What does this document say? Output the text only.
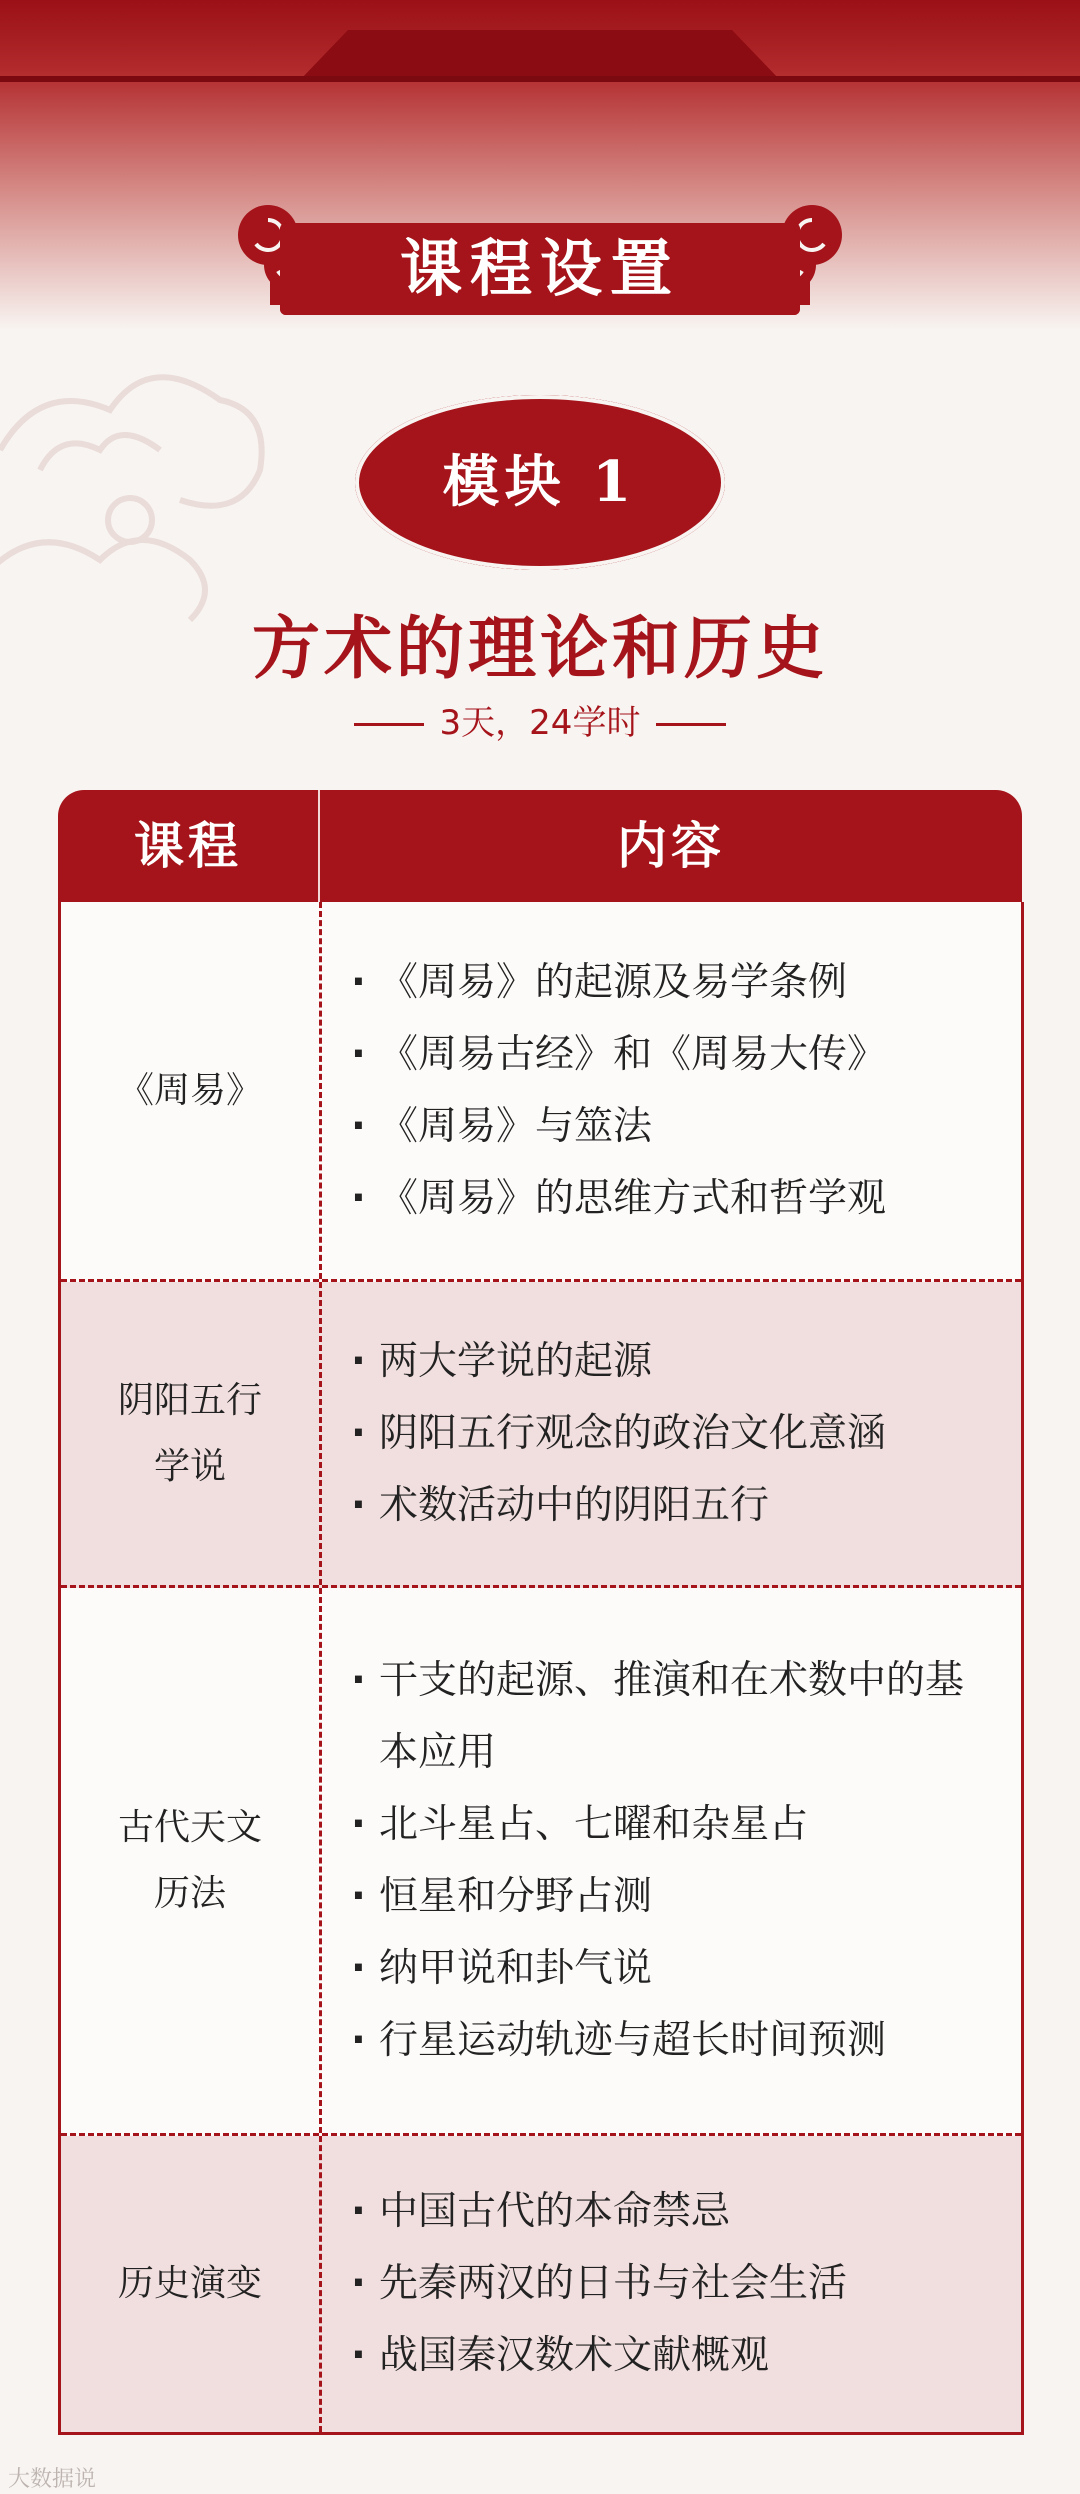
课程设置
模块 1
方术的理论和历史
3天，24学时
课程	内容
《周易》
· 《周易》的起源及易学条例
· 《周易古经》和《周易大传》
· 《周易》与筮法
· 《周易》的思维方式和哲学观
阴阳五行
学说
· 两大学说的起源
· 阴阳五行观念的政治文化意涵
· 术数活动中的阴阳五行
古代天文
历法
· 干支的起源、推演和在术数中的基本应用
· 北斗星占、七曜和杂星占
· 恒星和分野占测
· 纳甲说和卦气说
· 行星运动轨迹与超长时间预测
历史演变
· 中国古代的本命禁忌
· 先秦两汉的日书与社会生活
· 战国秦汉数术文献概观
大数据说
